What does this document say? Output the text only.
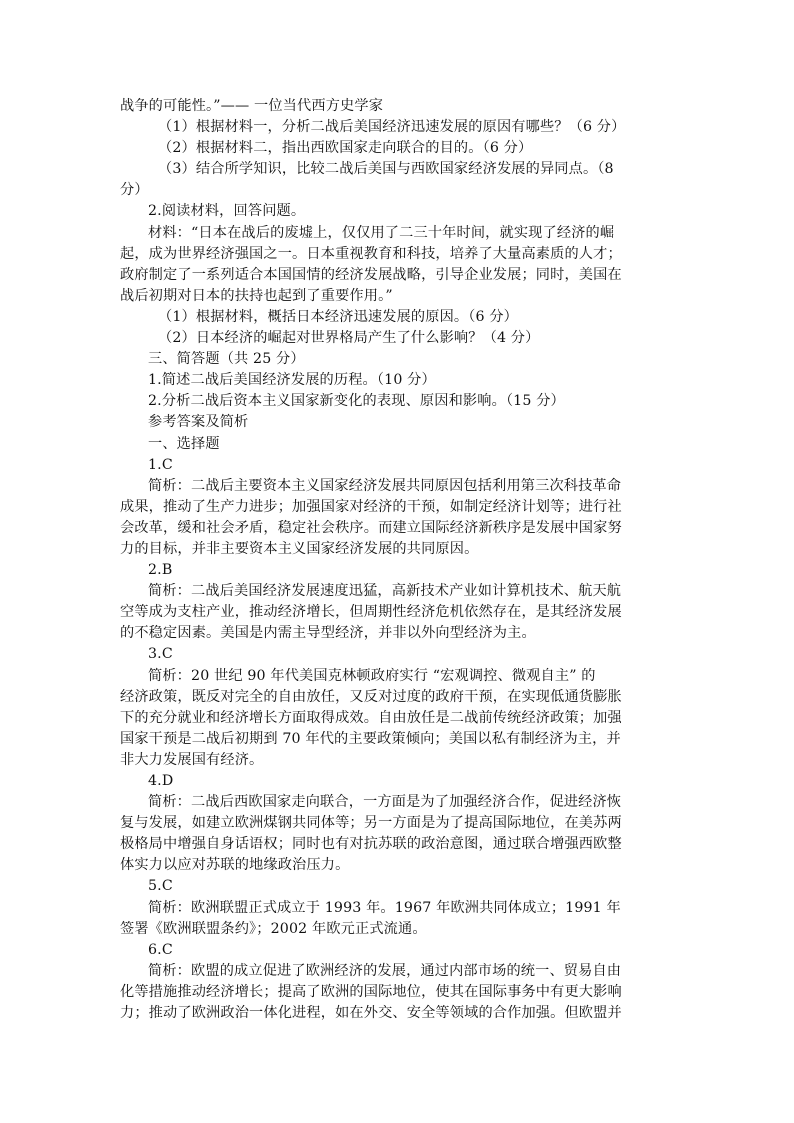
战争的可能性。”—— 一位当代西方史学家
（1）根据材料一，分析二战后美国经济迅速发展的原因有哪些？（6 分）
（2）根据材料二，指出西欧国家走向联合的目的。（6 分）
（3）结合所学知识，比较二战后美国与西欧国家经济发展的异同点。（8
分）
2.阅读材料，回答问题。
材料：“日本在战后的废墟上，仅仅用了二三十年时间，就实现了经济的崛
起，成为世界经济强国之一。日本重视教育和科技，培养了大量高素质的人才；
政府制定了一系列适合本国国情的经济发展战略，引导企业发展；同时，美国在
战后初期对日本的扶持也起到了重要作用。”
（1）根据材料，概括日本经济迅速发展的原因。（6 分）
（2）日本经济的崛起对世界格局产生了什么影响？（4 分）
三、简答题（共 25 分）
1.简述二战后美国经济发展的历程。（10 分）
2.分析二战后资本主义国家新变化的表现、原因和影响。（15 分）
参考答案及简析
一、选择题
1.C
简析：二战后主要资本主义国家经济发展共同原因包括利用第三次科技革命
成果，推动了生产力进步；加强国家对经济的干预，如制定经济计划等；进行社
会改革，缓和社会矛盾，稳定社会秩序。而建立国际经济新秩序是发展中国家努
力的目标，并非主要资本主义国家经济发展的共同原因。
2.B
简析：二战后美国经济发展速度迅猛，高新技术产业如计算机技术、航天航
空等成为支柱产业，推动经济增长，但周期性经济危机依然存在，是其经济发展
的不稳定因素。美国是内需主导型经济，并非以外向型经济为主。
3.C
简析：20 世纪 90 年代美国克林顿政府实行 “宏观调控、微观自主” 的
经济政策，既反对完全的自由放任，又反对过度的政府干预，在实现低通货膨胀
下的充分就业和经济增长方面取得成效。自由放任是二战前传统经济政策；加强
国家干预是二战后初期到 70 年代的主要政策倾向；美国以私有制经济为主，并
非大力发展国有经济。
4.D
简析：二战后西欧国家走向联合，一方面是为了加强经济合作，促进经济恢
复与发展，如建立欧洲煤钢共同体等；另一方面是为了提高国际地位，在美苏两
极格局中增强自身话语权；同时也有对抗苏联的政治意图，通过联合增强西欧整
体实力以应对苏联的地缘政治压力。
5.C
简析：欧洲联盟正式成立于 1993 年。1967 年欧洲共同体成立；1991 年
签署《欧洲联盟条约》；2002 年欧元正式流通。
6.C
简析：欧盟的成立促进了欧洲经济的发展，通过内部市场的统一、贸易自由
化等措施推动经济增长；提高了欧洲的国际地位，使其在国际事务中有更大影响
力；推动了欧洲政治一体化进程，如在外交、安全等领域的合作加强。但欧盟并
